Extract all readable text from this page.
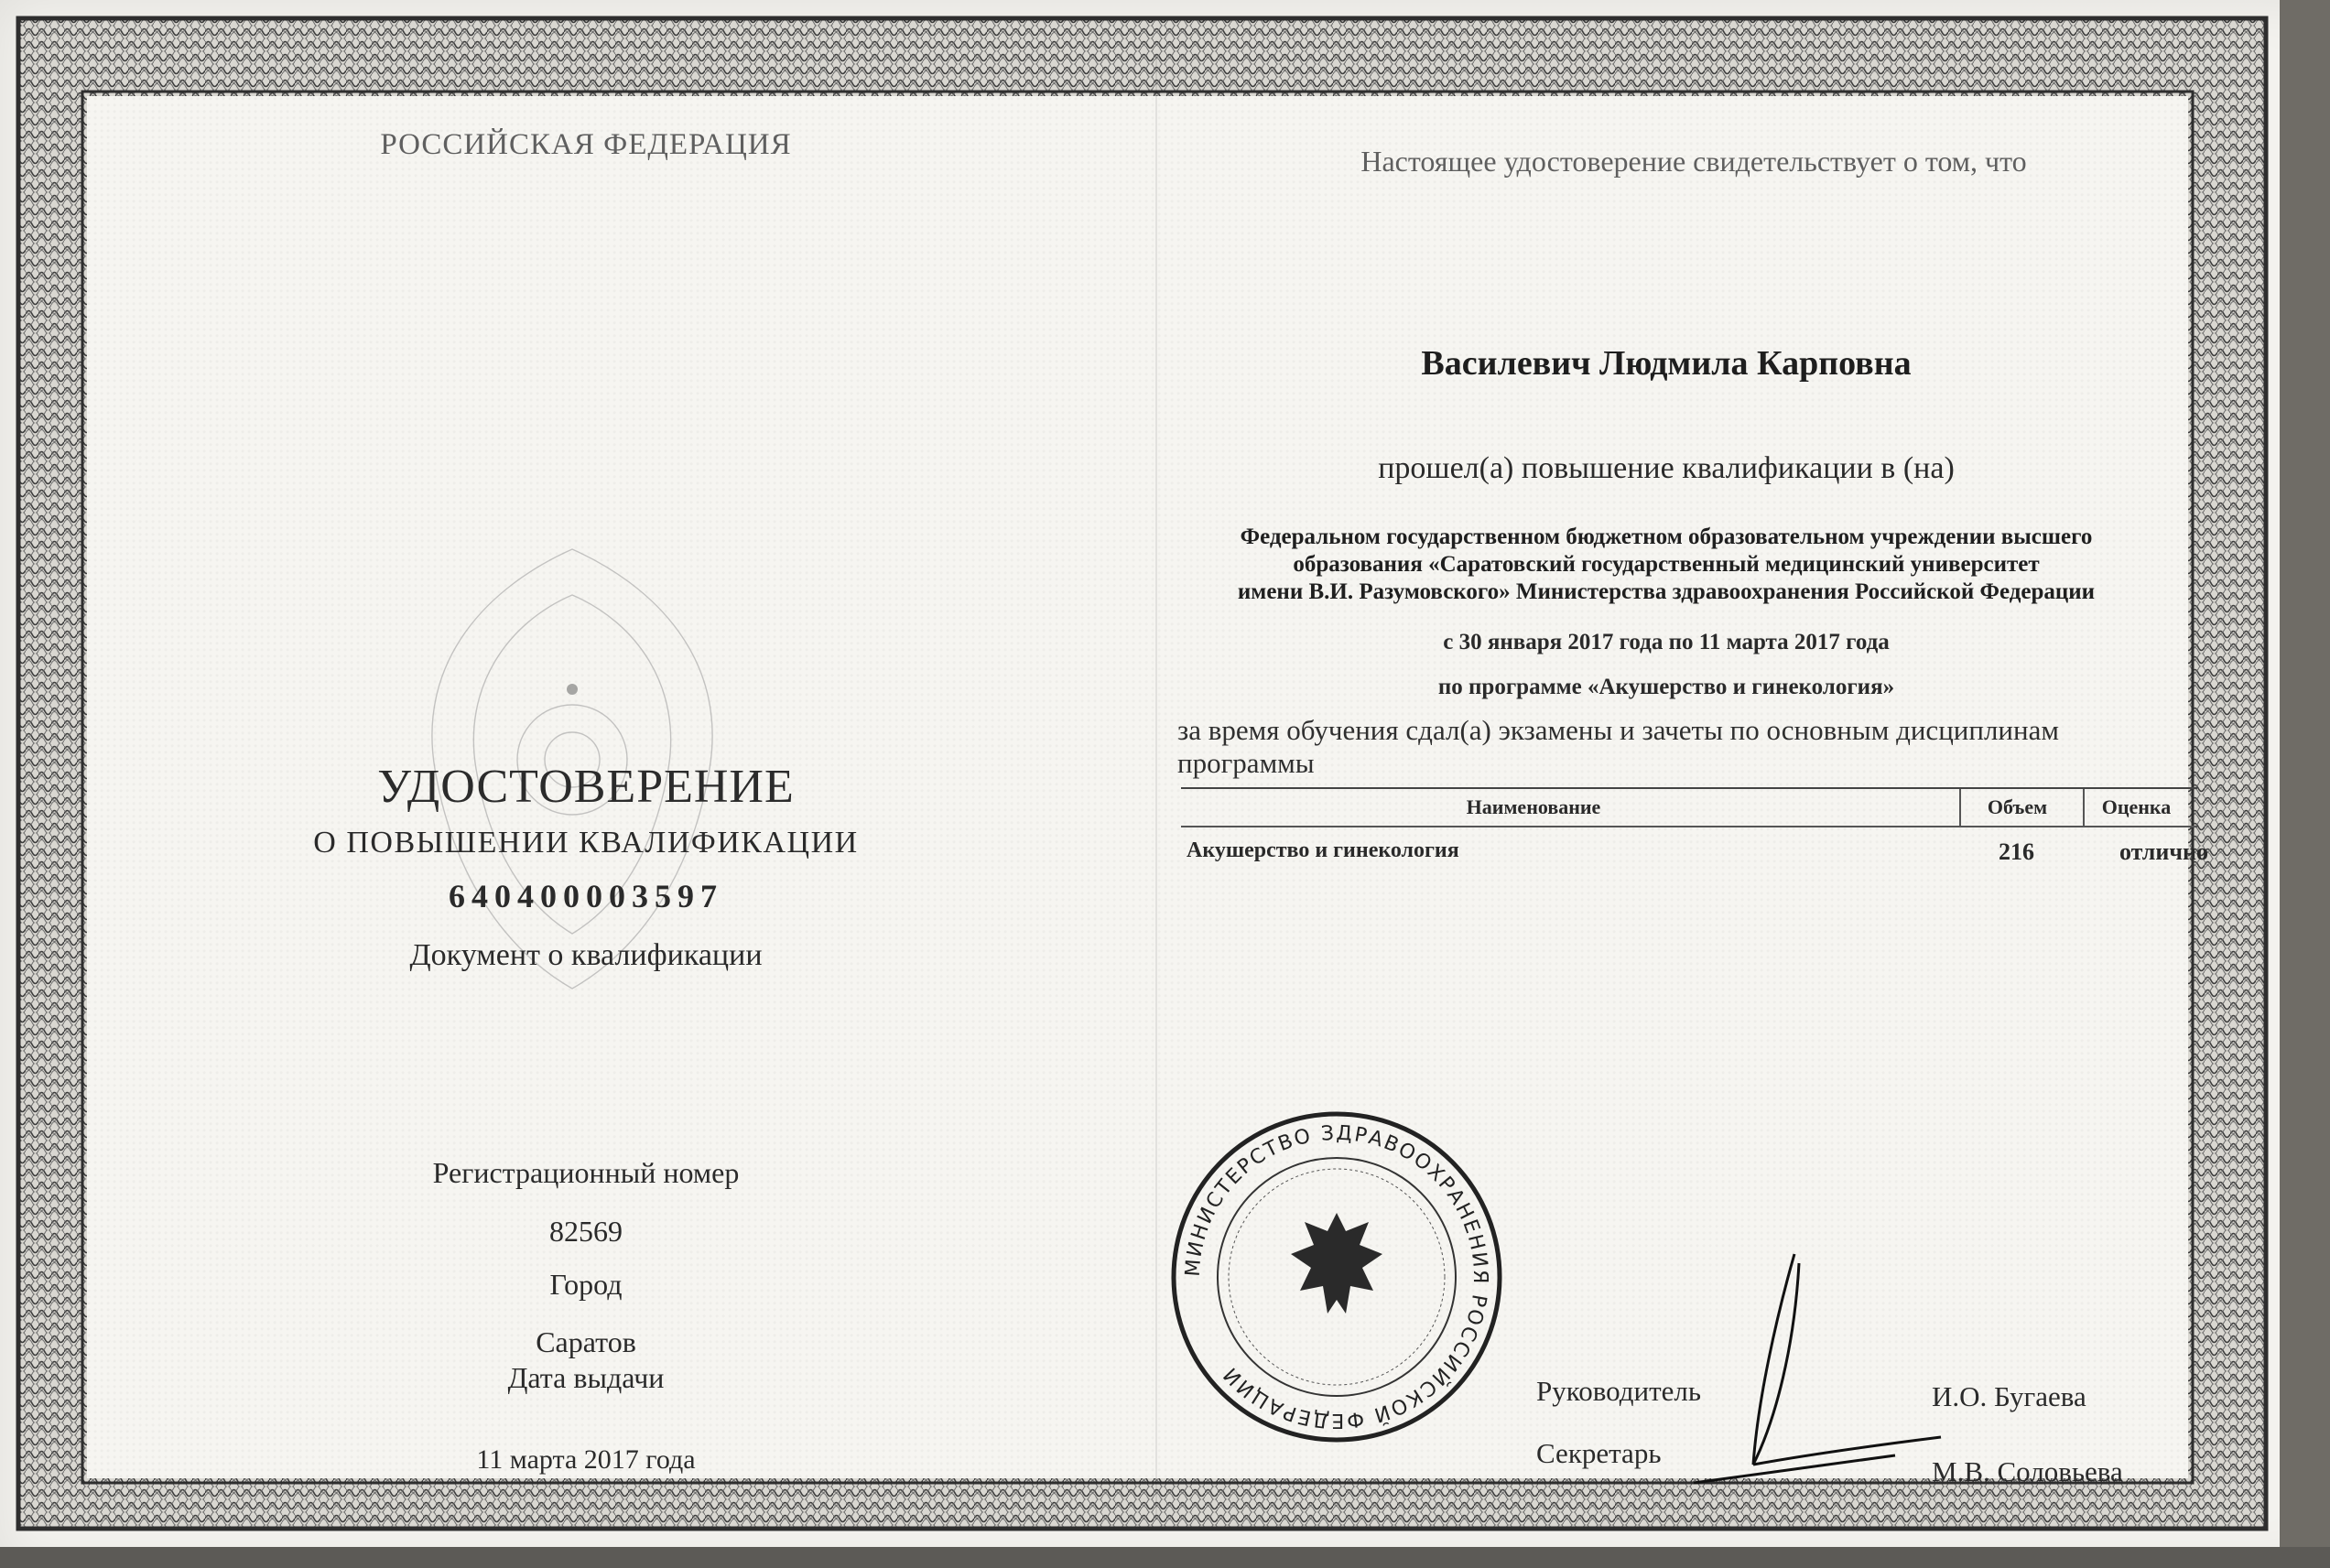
РОССИЙСКАЯ ФЕДЕРАЦИЯ
УДОСТОВЕРЕНИЕ
О ПОВЫШЕНИИ КВАЛИФИКАЦИИ
640400003597
Документ о квалификации
Регистрационный номер
82569
Город
Саратов
Дата выдачи
11 марта 2017 года
Настоящее удостоверение свидетельствует о том, что
Василевич Людмила Карповна
прошел(а) повышение квалификации в (на)
Федеральном государственном бюджетном образовательном учреждении высшего
образования «Саратовский государственный медицинский университет
имени В.И. Разумовского» Министерства здравоохранения Российской Федерации
с 30 января 2017 года по 11 марта 2017 года
по программе «Акушерство и гинекология»
за время обучения сдал(а) экзамены и зачеты по основным дисциплинам программы
Наименование	Объем	Оценка
Акушерство и гинекология	216	отлично
МИНИСТЕРСТВО ЗДРАВООХРАНЕНИЯ РОССИЙСКОЙ ФЕДЕРАЦИИ	Руководитель	И.О. Бугаева
Секретарь
М.В. Соловьева
